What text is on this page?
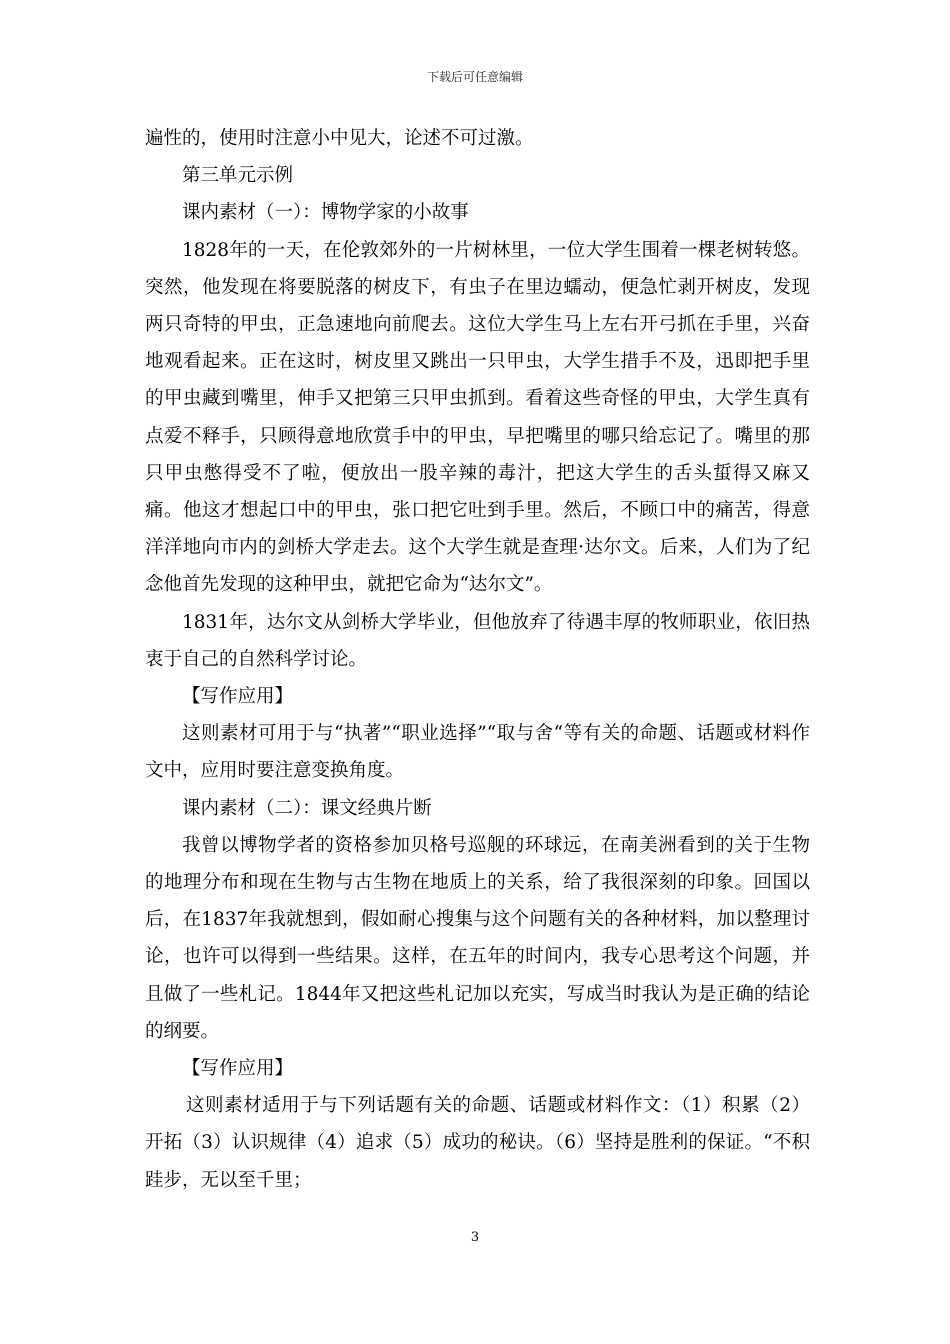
下载后可任意编辑

遍性的，使用时注意小中见大，论述不可过激。

第三单元示例

课内素材（一）：博物学家的小故事

1828年的一天，在伦敦郊外的一片树林里，一位大学生围着一棵老树转悠。突然，他发现在将要脱落的树皮下，有虫子在里边蠕动，便急忙剥开树皮，发现两只奇特的甲虫，正急速地向前爬去。这位大学生马上左右开弓抓在手里，兴奋地观看起来。正在这时，树皮里又跳出一只甲虫，大学生措手不及，迅即把手里的甲虫藏到嘴里，伸手又把第三只甲虫抓到。看着这些奇怪的甲虫，大学生真有点爱不释手，只顾得意地欣赏手中的甲虫，早把嘴里的哪只给忘记了。嘴里的那只甲虫憋得受不了啦，便放出一股辛辣的毒汁，把这大学生的舌头蜇得又麻又痛。他这才想起口中的甲虫，张口把它吐到手里。然后，不顾口中的痛苦，得意洋洋地向市内的剑桥大学走去。这个大学生就是查理·达尔文。后来，人们为了纪念他首先发现的这种甲虫，就把它命为“达尔文”。

1831年，达尔文从剑桥大学毕业，但他放弃了待遇丰厚的牧师职业，依旧热衷于自己的自然科学讨论。

【写作应用】

这则素材可用于与“执著”“职业选择”“取与舍“等有关的命题、话题或材料作文中，应用时要注意变换角度。

课内素材（二）：课文经典片断

我曾以博物学者的资格参加贝格号巡舰的环球远，在南美洲看到的关于生物的地理分布和现在生物与古生物在地质上的关系，给了我很深刻的印象。回国以后，在1837年我就想到，假如耐心搜集与这个问题有关的各种材料，加以整理讨论，也许可以得到一些结果。这样，在五年的时间内，我专心思考这个问题，并且做了一些札记。1844年又把这些札记加以充实，写成当时我认为是正确的结论的纲要。

【写作应用】

这则素材适用于与下列话题有关的命题、话题或材料作文：（1）积累（2）开拓（3）认识规律（4）追求（5）成功的秘诀。（6）坚持是胜利的保证。“不积跬步，无以至千里；

3
